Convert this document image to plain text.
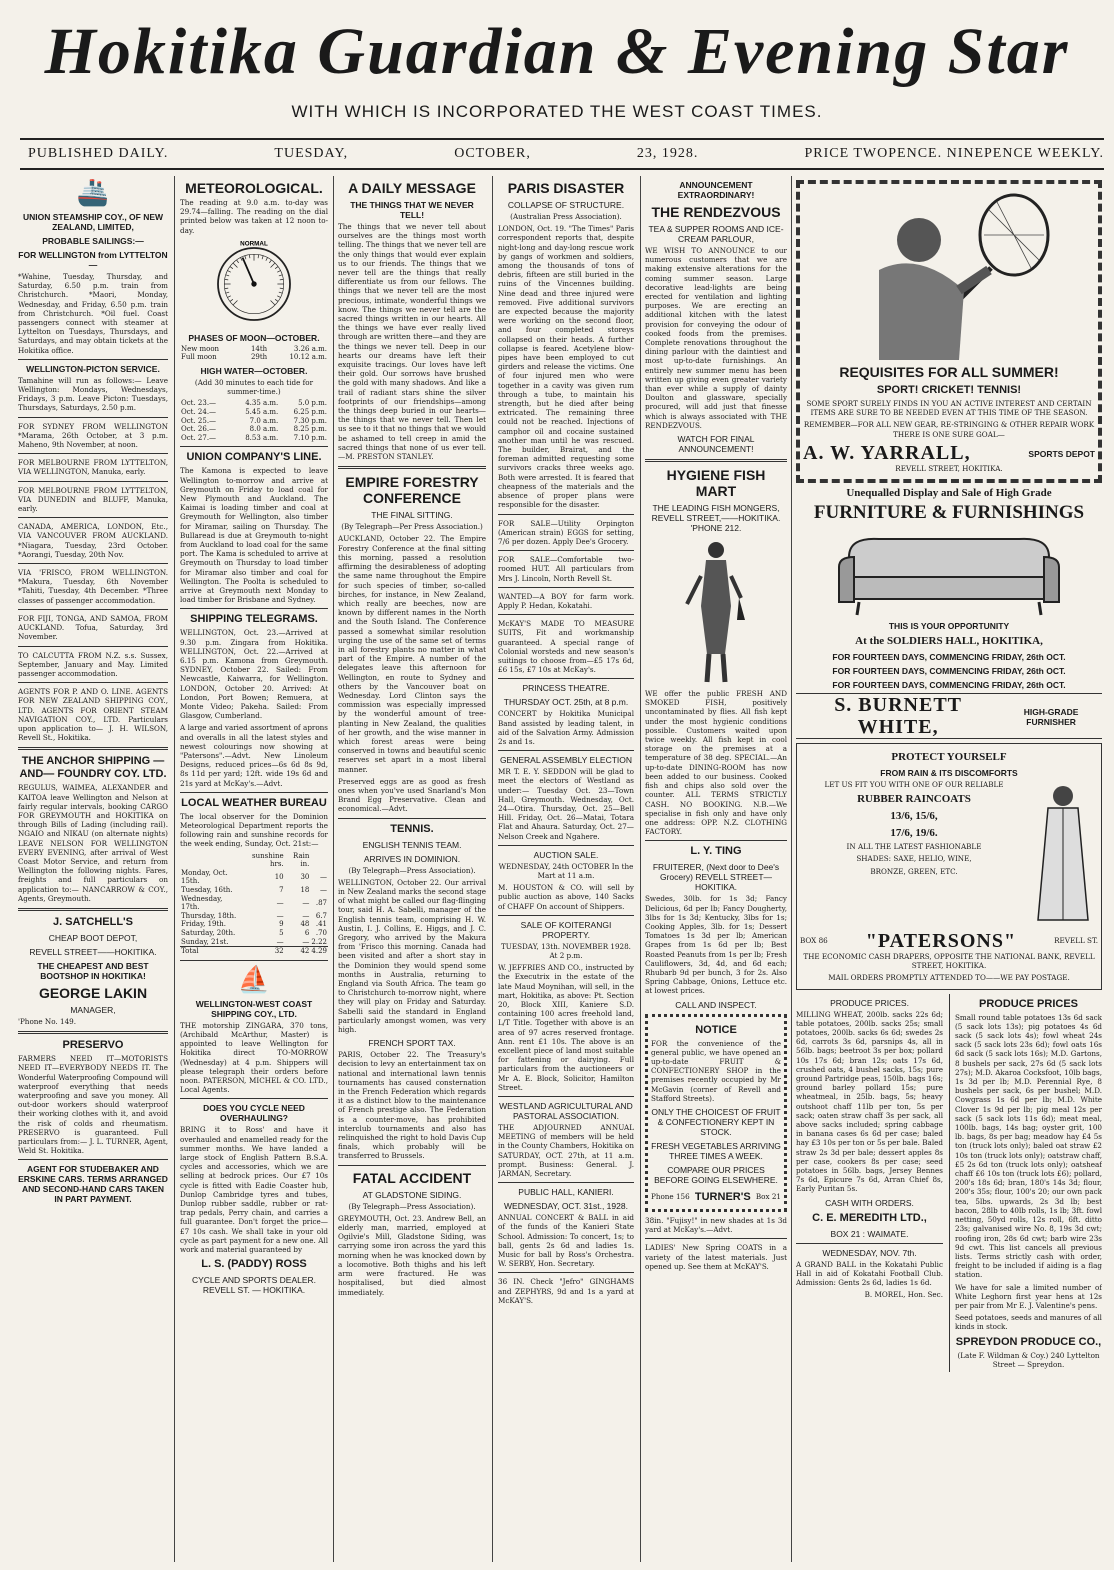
Hokitika Guardian & Evening Star
WITH WHICH IS INCORPORATED THE WEST COAST TIMES.
PUBLISHED DAILY.	TUESDAY,	OCTOBER,	23, 1928.	PRICE TWOPENCE. NINEPENCE WEEKLY.
🚢
UNION STEAMSHIP COY., OF NEW ZEALAND, LIMITED,
PROBABLE SAILINGS:—
FOR WELLINGTON from LYTTELTON—

*Wahine, Tuesday, Thursday, and Saturday, 6.50 p.m. train from Christchurch. *Maori, Monday, Wednesday, and Friday, 6.50 p.m. train from Christchurch. *Oil fuel. Coast passengers connect with steamer at Lyttelton on Tuesdays, Thursdays, and Saturdays, and may obtain tickets at the Hokitika office.

WELLINGTON-PICTON SERVICE.

Tamahine will run as follows:— Leave Wellington: Mondays, Wednesdays, Fridays, 3 p.m. Leave Picton: Tuesdays, Thursdays, Saturdays, 2.50 p.m.

FOR SYDNEY FROM WELLINGTON *Marama, 26th October, at 3 p.m. Maheno, 9th November, at noon.

FOR MELBOURNE FROM LYTTELTON, VIA WELLINGTON, Manuka, early.

FOR MELBOURNE FROM LYTTELTON, VIA DUNEDIN and BLUFF, Manuka, early.

CANADA, AMERICA, LONDON, Etc., VIA VANCOUVER FROM AUCKLAND. *Niagara, Tuesday, 23rd October. *Aorangi, Tuesday, 20th Nov.

VIA 'FRISCO, FROM WELLINGTON. *Makura, Tuesday, 6th November *Tahiti, Tuesday, 4th December. *Three classes of passenger accommodation.

FOR FIJI, TONGA, AND SAMOA, FROM AUCKLAND. Tofua, Saturday, 3rd November.

TO CALCUTTA FROM N.Z. s.s. Sussex, September, January and May. Limited passenger accommodation.

AGENTS FOR P. AND O. LINE. AGENTS FOR NEW ZEALAND SHIPPING COY., LTD. AGENTS FOR ORIENT STEAM NAVIGATION COY., LTD. Particulars upon application to— J. H. WILSON, Revell St., Hokitika.

THE ANCHOR SHIPPING —AND— FOUNDRY COY. LTD.

REGULUS, WAIMEA, ALEXANDER and KAITOA leave Wellington and Nelson at fairly regular intervals, booking CARGO FOR GREYMOUTH and HOKITIKA on through Bills of Lading (including rail). NGAIO and NIKAU (on alternate nights) LEAVE NELSON FOR WELLINGTON EVERY EVENING, after arrival of West Coast Motor Service, and return from Wellington the following nights. Fares, freights and full particulars on application to:— NANCARROW & COY., Agents, Greymouth.

J. SATCHELL'S
CHEAP BOOT DEPOT,
REVELL STREET——HOKITIKA.
THE CHEAPEST AND BEST BOOTSHOP IN HOKITIKA!
GEORGE LAKIN
MANAGER,

'Phone No. 149.

PRESERVO

FARMERS NEED IT—MOTORISTS NEED IT—EVERYBODY NEEDS IT. The Wonderful Waterproofing Compound will waterproof everything that needs waterproofing and save you money. All out-door workers should waterproof their working clothes with it, and avoid the risk of colds and rheumatism. PRESERVO is guaranteed. Full particulars from:— J. L. TURNER, Agent, Weld St. Hokitika.

AGENT FOR STUDEBAKER AND ERSKINE CARS. TERMS ARRANGED AND SECOND-HAND CARS TAKEN IN PART PAYMENT.
METEOROLOGICAL.

The reading at 9.0 a.m. to-day was 29.74—falling. The reading on the dial printed below was taken at 12 noon to-day.

NORMAL
PHASES OF MOON—OCTOBER.
New moon	14th	3.26 a.m.
Full moon	29th	10.12 a.m.
HIGH WATER—OCTOBER.

(Add 30 minutes to each tide for summer-time.)

Oct. 23.—	4.35 a.m.	5.0 p.m.
Oct. 24.—	5.45 a.m.	6.25 p.m.
Oct. 25.—	7.0 a.m.	7.30 p.m.
Oct. 26.—	8.0 a.m.	8.25 p.m.
Oct. 27.—	8.53 a.m.	7.10 p.m.
UNION COMPANY'S LINE.

The Kamona is expected to leave Wellington to-morrow and arrive at Greymouth on Friday to load coal for New Plymouth and Auckland. The Kaimai is loading timber and coal at Greymouth for Wellington, also timber for Miramar, sailing on Thursday. The Bullaread is due at Greymouth to-night from Auckland to load coal for the same port. The Kama is scheduled to arrive at Greymouth on Thursday to load timber for Miramar also timber and coal for Wellington. The Poolta is scheduled to arrive at Greymouth next Monday to load timber for Brisbane and Sydney.

SHIPPING TELEGRAMS.

WELLINGTON, Oct. 23.—Arrived at 9.30 p.m. Zingara from Hokitika. WELLINGTON, Oct. 22.—Arrived at 6.15 p.m. Kamona from Greymouth. SYDNEY, October 22. Sailed: From Newcastle, Kaiwarra, for Wellington. LONDON, October 20. Arrived: At London, Port Bowen; Remuera, at Monte Video; Pakeha. Sailed: From Glasgow, Cumberland.

A large and varied assortment of aprons and overalls in all the latest styles and newest colourings now showing at "Patersons".—Advt. New Linoleum Designs, reduced prices—6s 6d 8s 9d, 8s 11d per yard; 12ft. wide 19s 6d and 21s yard at McKay's.—Advt.

LOCAL WEATHER BUREAU

The local observer for the Dominion Meteorological Department reports the following rain and sunshine records for the week ending, Sunday, Oct. 21st:—

	sunshine hrs.	Rain in.	
Monday, Oct. 15th.	10	30	—
Tuesday, 16th.	7	18	—
Wednesday, 17th.	—	—	.87
Thursday, 18th.	—	—	6.7
Friday, 19th.	9	48	.41
Saturday, 20th.	5	6	.70
Sunday, 21st.	—	—	2.22
Total	32	42	4.29
⛵
WELLINGTON-WEST COAST SHIPPING COY., LTD.

THE motorship ZINGARA, 370 tons, (Archibald McArthur, Master) is appointed to leave Wellington for Hokitika direct TO-MORROW (Wednesday) at 4 p.m. Shippers will please telegraph their orders before noon. PATERSON, MICHEL & CO. LTD., Local Agents.

DOES YOU CYCLE NEED OVERHAULING?

BRING it to Ross' and have it overhauled and enamelled ready for the summer months. We have landed a large stock of English Pattern B.S.A. cycles and accessories, which we are selling at bedrock prices. Our £7 10s cycle is fitted with Eadie Coaster hub, Dunlop Cambridge tyres and tubes, Dunlop rubber saddle, rubber or rat-trap pedals, Perry chain, and carries a full guarantee. Don't forget the price—£7 10s cash. We shall take in your old cycle as part payment for a new one. All work and material guaranteed by

L. S. (PADDY) ROSS
CYCLE AND SPORTS DEALER. REVELL ST. — HOKITIKA.
A DAILY MESSAGE
THE THINGS THAT WE NEVER TELL!

The things that we never tell about ourselves are the things most worth telling. The things that we never tell are the only things that would ever explain us to our friends. The things that we never tell are the things that really differentiate us from our fellows. The things that we never tell are the most precious, intimate, wonderful things we know. The things we never tell are the sacred things written in our hearts. All the things we have ever really lived through are written there—and they are the things we never tell. Deep in our hearts our dreams have left their exquisite tracings. Our loves have left their gold. Our sorrows have brushed the gold with many shadows. And like a trail of radiant stars shine the silver footprints of our friendships—among the things deep buried in our hearts—the things that we never tell. Then let us see to it that no things that we would be ashamed to tell creep in amid the sacred things that none of us ever tell. —M. PRESTON STANLEY.

EMPIRE FORESTRY CONFERENCE
THE FINAL SITTING.

(By Telegraph—Per Press Association.)

AUCKLAND, October 22. The Empire Forestry Conference at the final sitting this morning, passed a resolution affirming the desirableness of adopting the same name throughout the Empire for such species of timber, so-called birches, for instance, in New Zealand, which really are beeches, now are known by different names in the North and the South Island. The Conference passed a somewhat similar resolution urging the use of the same set of terms in all forestry plants no matter in what part of the Empire. A number of the delegates leave this afternoon for Wellington, en route to Sydney and others by the Vancouver boat on Wednesday. Lord Clinton says the commission was especially impressed by the wonderful amount of tree-planting in New Zealand, the qualities of her growth, and the wise manner in which forest areas were being conserved in towns and beautiful scenic reserves set apart in a most liberal manner.

Preserved eggs are as good as fresh ones when you've used Snarland's Mon Brand Egg Preservative. Clean and economical.—Advt.

TENNIS.
ENGLISH TENNIS TEAM.
ARRIVES IN DOMINION.

(By Telegraph—Press Association).

WELLINGTON, October 22. Our arrival in New Zealand marks the second stage of what might be called our flag-flinging tour, said H. A. Sabelli, manager of the English tennis team, comprising H. W. Austin, I. J. Collins, E. Higgs, and J. C. Gregory, who arrived by the Makura from 'Frisco this morning. Canada had been visited and after a short stay in the Dominion they would spend some months in Australia, returning to England via South Africa. The team go to Christchurch to-morrow night, where they will play on Friday and Saturday. Sabelli said the standard in England particularly amongst women, was very high.

FRENCH SPORT TAX.

PARIS, October 22. The Treasury's decision to levy an entertainment tax on national and international lawn tennis tournaments has caused consternation in the French Federation which regards it as a distinct blow to the maintenance of French prestige also. The Federation is a counter-move, has prohibited interclub tournaments and also has relinquished the right to hold Davis Cup finals, which probably will be transferred to Brussels.

FATAL ACCIDENT
AT GLADSTONE SIDING.

(By Telegraph—Press Association).

GREYMOUTH, Oct. 23. Andrew Bell, an elderly man, married, employed at Ogilvie's Mill, Gladstone Siding, was carrying some iron across the yard this morning when he was knocked down by a locomotive. Both thighs and his left arm were fractured. He was hospitalised, but died almost immediately.

PARIS DISASTER
COLLAPSE OF STRUCTURE.

(Australian Press Association).

LONDON, Oct. 19. "The Times" Paris correspondent reports that, despite night-long and day-long rescue work by gangs of workmen and soldiers, among the thousands of tons of debris, fifteen are still buried in the ruins of the Vincennes building. Nine dead and three injured were removed. Five additional survivors are expected because the majority were working on the second floor, and four completed storeys collapsed on their heads. A further collapse is feared. Acetylene blow-pipes have been employed to cut girders and release the victims. One of four injured men who were together in a cavity was given rum through a tube, to maintain his strength, but he died after being extricated. The remaining three could not be reached. Injections of camphor oil and cocaine sustained another man until he was rescued. The builder, Brairat, and the foreman admitted requesting some survivors cracks three weeks ago. Both were arrested. It is feared that cheapness of the materials and the absence of proper plans were responsible for the disaster.

FOR SALE—Utility Orpington (American strain) EGGS for setting, 7/6 per dozen. Apply Dee's Grocery.

FOR SALE—Comfortable two-roomed HUT. All particulars from Mrs J. Lincoln, North Revell St.

WANTED—A BOY for farm work. Apply P. Hedan, Kokatahi.

McKAY'S MADE TO MEASURE SUITS, Fit and workmanship guaranteed. A special range of Colonial worsteds and new season's suitings to choose from—£5 17s 6d, £6 15s, £7 10s at McKay's.

PRINCESS THEATRE.
THURSDAY OCT. 25th, at 8 p.m.

CONCERT by Hokitika Municipal Band assisted by leading talent, in aid of the Salvation Army. Admission 2s and 1s.

GENERAL ASSEMBLY ELECTION

MR T. E. Y. SEDDON will be glad to meet the electors of Westland as under:— Tuesday Oct. 23—Town Hall, Greymouth. Wednesday, Oct. 24—Otira. Thursday, Oct. 25—Bell Hill. Friday, Oct. 26—Matai, Totara Flat and Ahaura. Saturday, Oct. 27—Nelson Creek and Ngahere.

AUCTION SALE.

WEDNESDAY, 24th OCTOBER In the Mart at 11 a.m.

M. HOUSTON & CO. will sell by public auction as above, 140 Sacks of CHAFF On account of Shippers.

SALE OF KOITERANGI PROPERTY.

TUESDAY, 13th. NOVEMBER 1928. At 2 p.m.

W. JEFFRIES AND CO., instructed by the Executrix in the estate of the late Maud Moynihan, will sell, in the mart, Hokitika, as above: Pt. Section 20, Block XIII, Kaniere S.D. containing 100 acres freehold land, L/T Title. Together with above is an area of 97 acres reserved frontage. Ann. rent £1 10s. The above is an excellent piece of land most suitable for fattening or dairying. Full particulars from the auctioneers or Mr A. E. Block, Solicitor, Hamilton Street.

WESTLAND AGRICULTURAL AND PASTORAL ASSOCIATION.

THE ADJOURNED ANNUAL MEETING of members will be held in the County Chambers, Hokitika on SATURDAY, OCT. 27th, at 11 a.m. prompt. Business: General. J. JARMAN, Secretary.

PUBLIC HALL, KANIERI.
WEDNESDAY, OCT. 31st., 1928.

ANNUAL CONCERT & BALL in aid of the funds of the Kanieri State School. Admission: To concert, 1s; to ball, gents 2s 6d and ladies 1s. Music for ball by Ross's Orchestra. W. SERBY, Hon. Secretary.

36 IN. Check "Jefro" GINGHAMS and ZEPHYRS, 9d and 1s a yard at McKAY'S.

ANNOUNCEMENT EXTRAORDINARY!
THE RENDEZVOUS
TEA & SUPPER ROOMS AND ICE-CREAM PARLOUR,

WE WISH TO ANNOUNCE to our numerous customers that we are making extensive alterations for the coming summer season. Large decorative lead-lights are being erected for ventilation and lighting purposes. We are erecting an additional kitchen with the latest provision for conveying the odour of cooked foods from the premises. Complete renovations throughout the dining parlour with the daintiest and most up-to-date furnishings. An entirely new summer menu has been written up giving even greater variety than ever while a supply of dainty Doulton and glassware, specially procured, will add just that finesse which is always associated with THE RENDEZVOUS.

WATCH FOR FINAL ANNOUNCEMENT!
HYGIENE FISH MART
THE LEADING FISH MONGERS, REVELL STREET,——HOKITIKA. 'PHONE 212.

WE offer the public FRESH AND SMOKED FISH, positively uncontaminated by flies. All fish kept under the most hygienic conditions possible. Customers waited upon twice weekly. All fish kept in cool storage on the premises at a temperature of 38 deg. SPECIAL.—An up-to-date DINING-ROOM has now been added to our business. Cooked fish and chips also sold over the counter. ALL TERMS STRICTLY CASH. NO BOOKING. N.B.—We specialise in fish only and have only one address: OPP. N.Z. CLOTHING FACTORY.

L. Y. TING
FRUITERER, (Next door to Dee's Grocery) REVELL STREET—HOKITIKA.

Swedes, 30lb. for 1s 3d; Fancy Delicious, 6d per lb; Fancy Dougherty, 3lbs for 1s 3d; Kentucky, 3lbs for 1s; Cooking Apples, 3lb. for 1s; Dessert Tomatoes 1s 3d per lb; American Grapes from 1s 6d per lb; Best Roasted Peanuts from 1s per lb; Fresh Cauliflowers, 3d, 4d, and 6d each; Rhubarb 9d per bunch, 3 for 2s. Also Spring Cabbage, Onions, Lettuce etc. at lowest prices.

CALL AND INSPECT.
NOTICE

FOR the convenience of the general public, we have opened an up-to-date FRUIT & CONFECTIONERY SHOP in the premises recently occupied by Mr McGavin (corner of Revell and Stafford Streets).

ONLY THE CHOICEST OF FRUIT & CONFECTIONERY KEPT IN STOCK.
FRESH VEGETABLES ARRIVING THREE TIMES A WEEK.
COMPARE OUR PRICES BEFORE GOING ELSEWHERE.
Phone 156 TURNER'S Box 21

38in. "Fujisy!" in new shades at 1s 3d yard at McKay's.—Advt.

LADIES' New Spring COATS in a variety of the latest materials. Just opened up. See them at McKAY'S.

REQUISITES FOR ALL SUMMER!
SPORT! CRICKET! TENNIS!

SOME SPORT SURELY FINDS IN YOU AN ACTIVE INTEREST AND CERTAIN ITEMS ARE SURE TO BE NEEDED EVEN AT THIS TIME OF THE SEASON.

REMEMBER—FOR ALL NEW GEAR, RE-STRINGING & OTHER REPAIR WORK THERE IS ONE SURE GOAL—

A. W. YARRALL,	SPORTS DEPOT

REVELL STREET, HOKITIKA.

Unequalled Display and Sale of High Grade
FURNITURE & FURNISHINGS
THIS IS YOUR OPPORTUNITY
At the SOLDIERS HALL, HOKITIKA,
FOR FOURTEEN DAYS, COMMENCING FRIDAY, 26th OCT.
FOR FOURTEEN DAYS, COMMENCING FRIDAY, 26th OCT.
FOR FOURTEEN DAYS, COMMENCING FRIDAY, 26th OCT.
S. BURNETT WHITE,
HIGH-GRADE FURNISHER
PROTECT YOURSELF
FROM RAIN & ITS DISCOMFORTS

LET US FIT YOU WITH ONE OF OUR RELIABLE

RUBBER RAINCOATS
13/6, 15/6,
17/6, 19/6.

IN ALL THE LATEST FASHIONABLE

SHADES: SAXE, HELIO, WINE,

BRONZE, GREEN, ETC.

BOX 86 "PATERSONS"	REVELL ST.

THE ECONOMIC CASH DRAPERS, OPPOSITE THE NATIONAL BANK, REVELL STREET, HOKITIKA.

MAIL ORDERS PROMPTLY ATTENDED TO——WE PAY POSTAGE.

PRODUCE PRICES.

MILLING WHEAT, 200lb. sacks 22s 6d; table potatoes, 200lb. sacks 25s; small potatoes, 200lb. sacks 6s 6d; swedes 2s 6d, carrots 3s 6d, parsnips 4s, all in 56lb. bags; beetroot 3s per box; pollard 10s 17s 6d; bran 12s; oats 17s 6d, crushed oats, 4 bushel sacks, 15s; pure ground Partridge peas, 150lb. bags 16s; ground barley pollard 15s; pure wheatmeal, in 25lb. bags, 5s; heavy outshoot chaff 11lb per ton, 5s per sack; oaten straw chaff 3s per sack, all above sacks included; spring cabbage in banana cases 6s 6d per case; baled hay £3 10s per ton or 5s per bale. Baled straw 2s 3d per bale; dessert apples 8s per case, cookers 8s per case; seed potatoes in 56lb. bags, Jersey Bennes 7s 6d, Epicure 7s 6d, Arran Chief 8s, Early Puritan 5s.

CASH WITH ORDERS.
C. E. MEREDITH LTD.,
BOX 21 : WAIMATE.
WEDNESDAY, NOV. 7th.

A GRAND BALL in the Kokatahi Public Hall in aid of Kokatahi Football Club. Admission: Gents 2s 6d, ladies 1s 6d.

B. MOREL, Hon. Sec.

PRODUCE PRICES

Small round table potatoes 13s 6d sack (5 sack lots 13s); pig potatoes 4s 6d sack (5 sack lots 4s); fowl wheat 24s sack (5 sack lots 23s 6d); fowl oats 16s 6d sack (5 sack lots 16s); M.D. Gartons, 8 bushels per sack, 27s 6d (5 sack lots 27s); M.D. Akaroa Cocksfoot, 10lb bags, 1s 3d per lb; M.D. Perennial Rye, 8 bushels per sack, 6s per bushel; M.D. Cowgrass 1s 6d per lb; M.D. White Clover 1s 9d per lb; pig meal 12s per sack (5 sack lots 11s 6d); meat meal, 100lb. bags, 14s bag; oyster grit, 100 lb. bags, 8s per bag; meadow hay £4 5s ton (truck lots only); baled oat straw £2 10s ton (truck lots only); oatstraw chaff, £5 2s 6d ton (truck lots only); oatsheaf chaff £6 10s ton (truck lots £6); pollard, 200's 18s 6d; bran, 180's 14s 3d; flour, 200's 35s; flour, 100's 20; our own pack tea, 5lbs. upwards, 2s 3d lb; best bacon, 28lb to 40lb rolls, 1s lb; 3ft. fowl netting, 50yd rolls, 12s roll, 6ft. ditto 23s; galvanised wire No. 8, 19s 3d cwt; roofing iron, 28s 6d cwt; barb wire 23s 9d cwt. This list cancels all previous lists. Terms strictly cash with order, freight to be included if aiding is a flag station.

We have for sale a limited number of White Leghorn first year hens at 12s per pair from Mr E. J. Valentine's pens.

Seed potatoes, seeds and manures of all kinds in stock.

SPREYDON PRODUCE CO.,

(Late F. Wildman & Coy.) 240 Lyttelton Street — Spreydon.
